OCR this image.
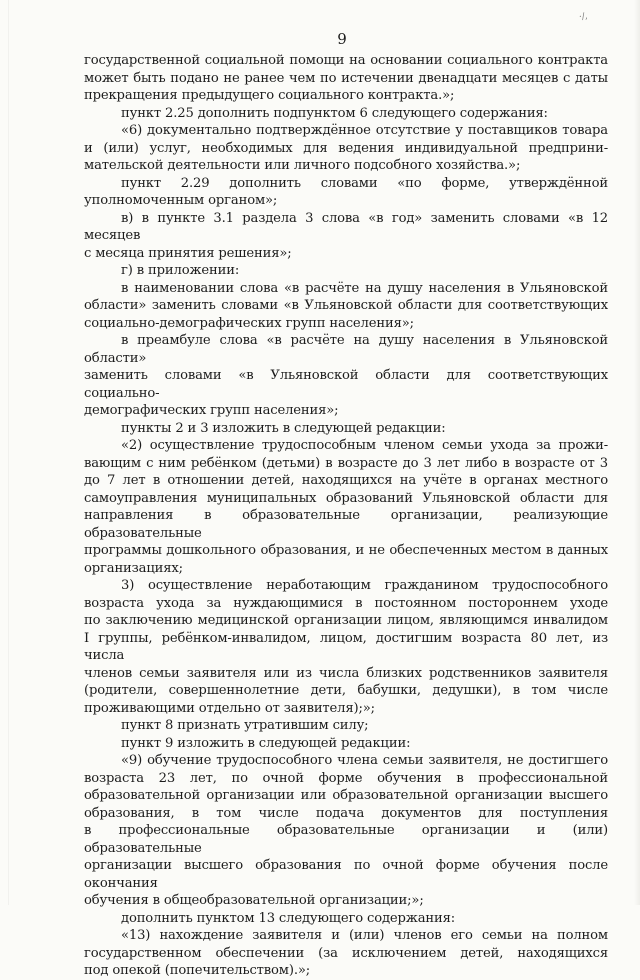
·/,
9

государственной социальной помощи на основании социального контракта

может быть подано не ранее чем по истечении двенадцати месяцев с даты

прекращения предыдущего социального контракта.»;

пункт 2.25 дополнить подпунктом 6 следующего содержания:

«6) документально подтверждённое отсутствие у поставщиков товара

и (или) услуг, необходимых для ведения индивидуальной предприни-

мательской деятельности или личного подсобного хозяйства.»;

пункт 2.29 дополнить словами «по форме, утверждённой

уполномоченным органом»;

в) в пункте 3.1 раздела 3 слова «в год» заменить словами «в 12 месяцев

с месяца принятия решения»;

г) в приложении:

в наименовании слова «в расчёте на душу населения в Ульяновской

области» заменить словами «в Ульяновской области для соответствующих

социально-демографических групп населения»;

в преамбуле слова «в расчёте на душу населения в Ульяновской области»

заменить словами «в Ульяновской области для соответствующих социально-

демографических групп населения»;

пункты 2 и 3 изложить в следующей редакции:

«2) осуществление трудоспособным членом семьи ухода за прожи-

вающим с ним ребёнком (детьми) в возрасте до 3 лет либо в возрасте от 3

до 7 лет в отношении детей, находящихся на учёте в органах местного

самоуправления муниципальных образований Ульяновской области для

направления в образовательные организации, реализующие образовательные

программы дошкольного образования, и не обеспеченных местом в данных

организациях;

3) осуществление неработающим гражданином трудоспособного

возраста ухода за нуждающимися в постоянном постороннем уходе

по заключению медицинской организации лицом, являющимся инвалидом

I группы, ребёнком-инвалидом, лицом, достигшим возраста 80 лет, из числа

членов семьи заявителя или из числа близких родственников заявителя

(родители, совершеннолетние дети, бабушки, дедушки), в том числе

проживающими отдельно от заявителя);»;

пункт 8 признать утратившим силу;

пункт 9 изложить в следующей редакции:

«9) обучение трудоспособного члена семьи заявителя, не достигшего

возраста 23 лет, по очной форме обучения в профессиональной

образовательной организации или образовательной организации высшего

образования, в том числе подача документов для поступления

в профессиональные образовательные организации и (или) образовательные

организации высшего образования по очной форме обучения после окончания

обучения в общеобразовательной организации;»;

дополнить пунктом 13 следующего содержания:

«13) нахождение заявителя и (или) членов его семьи на полном

государственном обеспечении (за исключением детей, находящихся

под опекой (попечительством).»;
